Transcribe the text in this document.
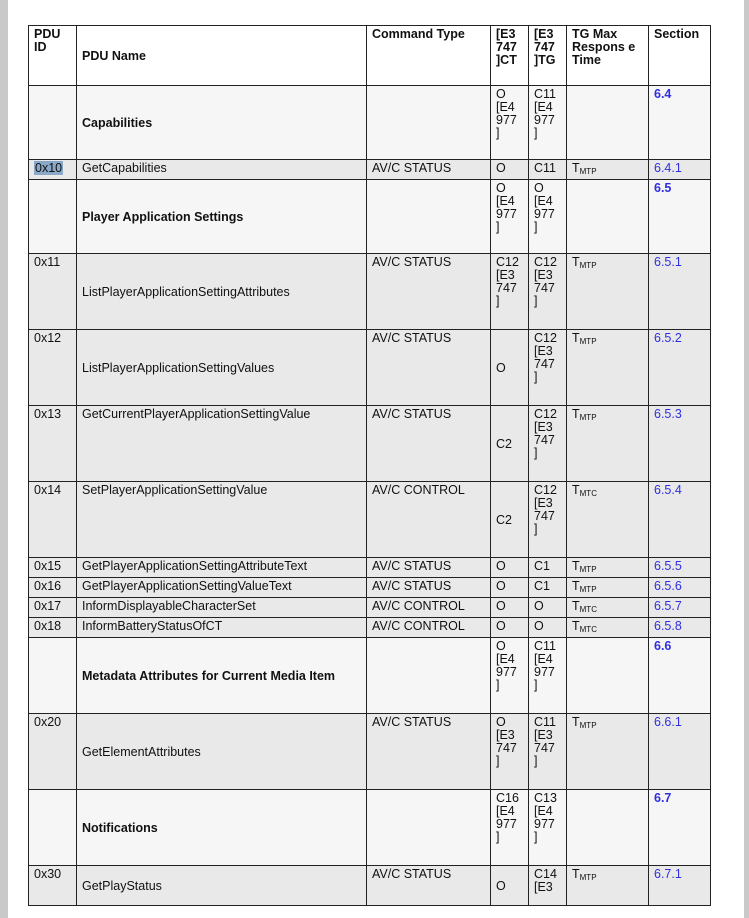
PDU ID	PDU Name	Command Type	[E3
747
]CT	[E3
747
]TG	TG Max Respons e Time	Section
	Capabilities		O
[E4
977
]	C11
[E4
977
]		6.4
0x10	GetCapabilities	AV/C STATUS	O	C11	$T_{MTP}$	6.4.1
	Player Application Settings		O
[E4
977
]	O
[E4
977
]		6.5
0x11	ListPlayerApplicationSettingAttributes	AV/C STATUS	C12
[E3
747
]	C12
[E3
747
]	$T_{MTP}$	6.5.1
0x12	ListPlayerApplicationSettingValues	AV/C STATUS	O	C12
[E3
747
]	$T_{MTP}$	6.5.2
0x13	GetCurrentPlayerApplicationSettingValue	AV/C STATUS	C2	C12
[E3
747
]	$T_{MTP}$	6.5.3
0x14	SetPlayerApplicationSettingValue	AV/C CONTROL	C2	C12
[E3
747
]	$T_{MTC}$	6.5.4
0x15	GetPlayerApplicationSettingAttributeText	AV/C STATUS	O	C1	$T_{MTP}$	6.5.5
0x16	GetPlayerApplicationSettingValueText	AV/C STATUS	O	C1	$T_{MTP}$	6.5.6
0x17	InformDisplayableCharacterSet	AV/C CONTROL	O	O	$T_{MTC}$	6.5.7
0x18	InformBatteryStatusOfCT	AV/C CONTROL	O	O	$T_{MTC}$	6.5.8
	Metadata Attributes for Current Media Item		O
[E4
977
]	C11
[E4
977
]		6.6
0x20	GetElementAttributes	AV/C STATUS	O
[E3
747
]	C11
[E3
747
]	$T_{MTP}$	6.6.1
	Notifications		C16
[E4
977
]	C13
[E4
977
]		6.7
0x30	GetPlayStatus	AV/C STATUS	O	C14
[E3	$T_{MTP}$	6.7.1
